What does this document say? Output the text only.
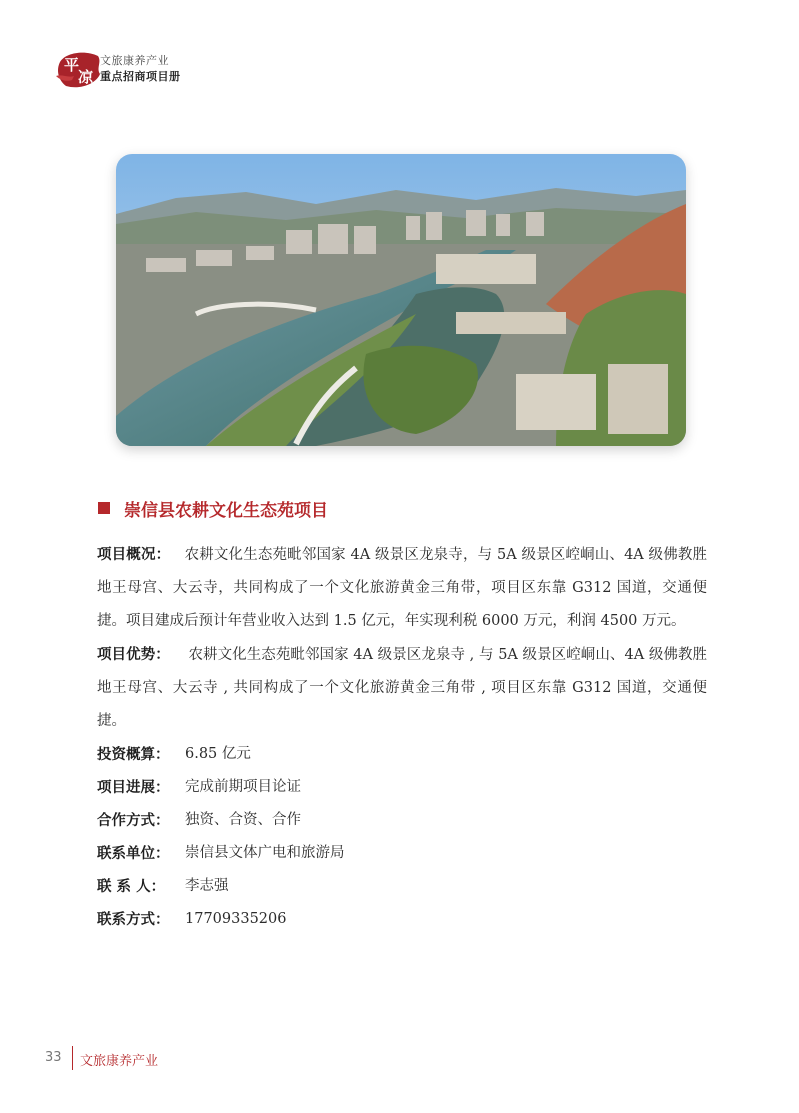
平
凉
文旅康养产业
重点招商项目册
崇信县农耕文化生态苑项目

项目概况： 农耕文化生态苑毗邻国家 4A 级景区龙泉寺，与 5A 级景区崆峒山、4A 级佛教胜地王母宫、大云寺，共同构成了一个文化旅游黄金三角带，项目区东靠 G312 国道，交通便捷。项目建成后预计年营业收入达到 1.5 亿元，年实现利税 6000 万元，利润 4500 万元。

项目优势： 农耕文化生态苑毗邻国家 4A 级景区龙泉寺 , 与 5A 级景区崆峒山、4A 级佛教胜地王母宫、大云寺 , 共同构成了一个文化旅游黄金三角带 , 项目区东靠 G312 国道，交通便捷。

投资概算：	6.85 亿元
项目进展：	完成前期项目论证
合作方式：	独资、合资、合作
联系单位：	崇信县文体广电和旅游局
联 系 人：	李志强
联系方式：	17709335206
33 文旅康养产业
